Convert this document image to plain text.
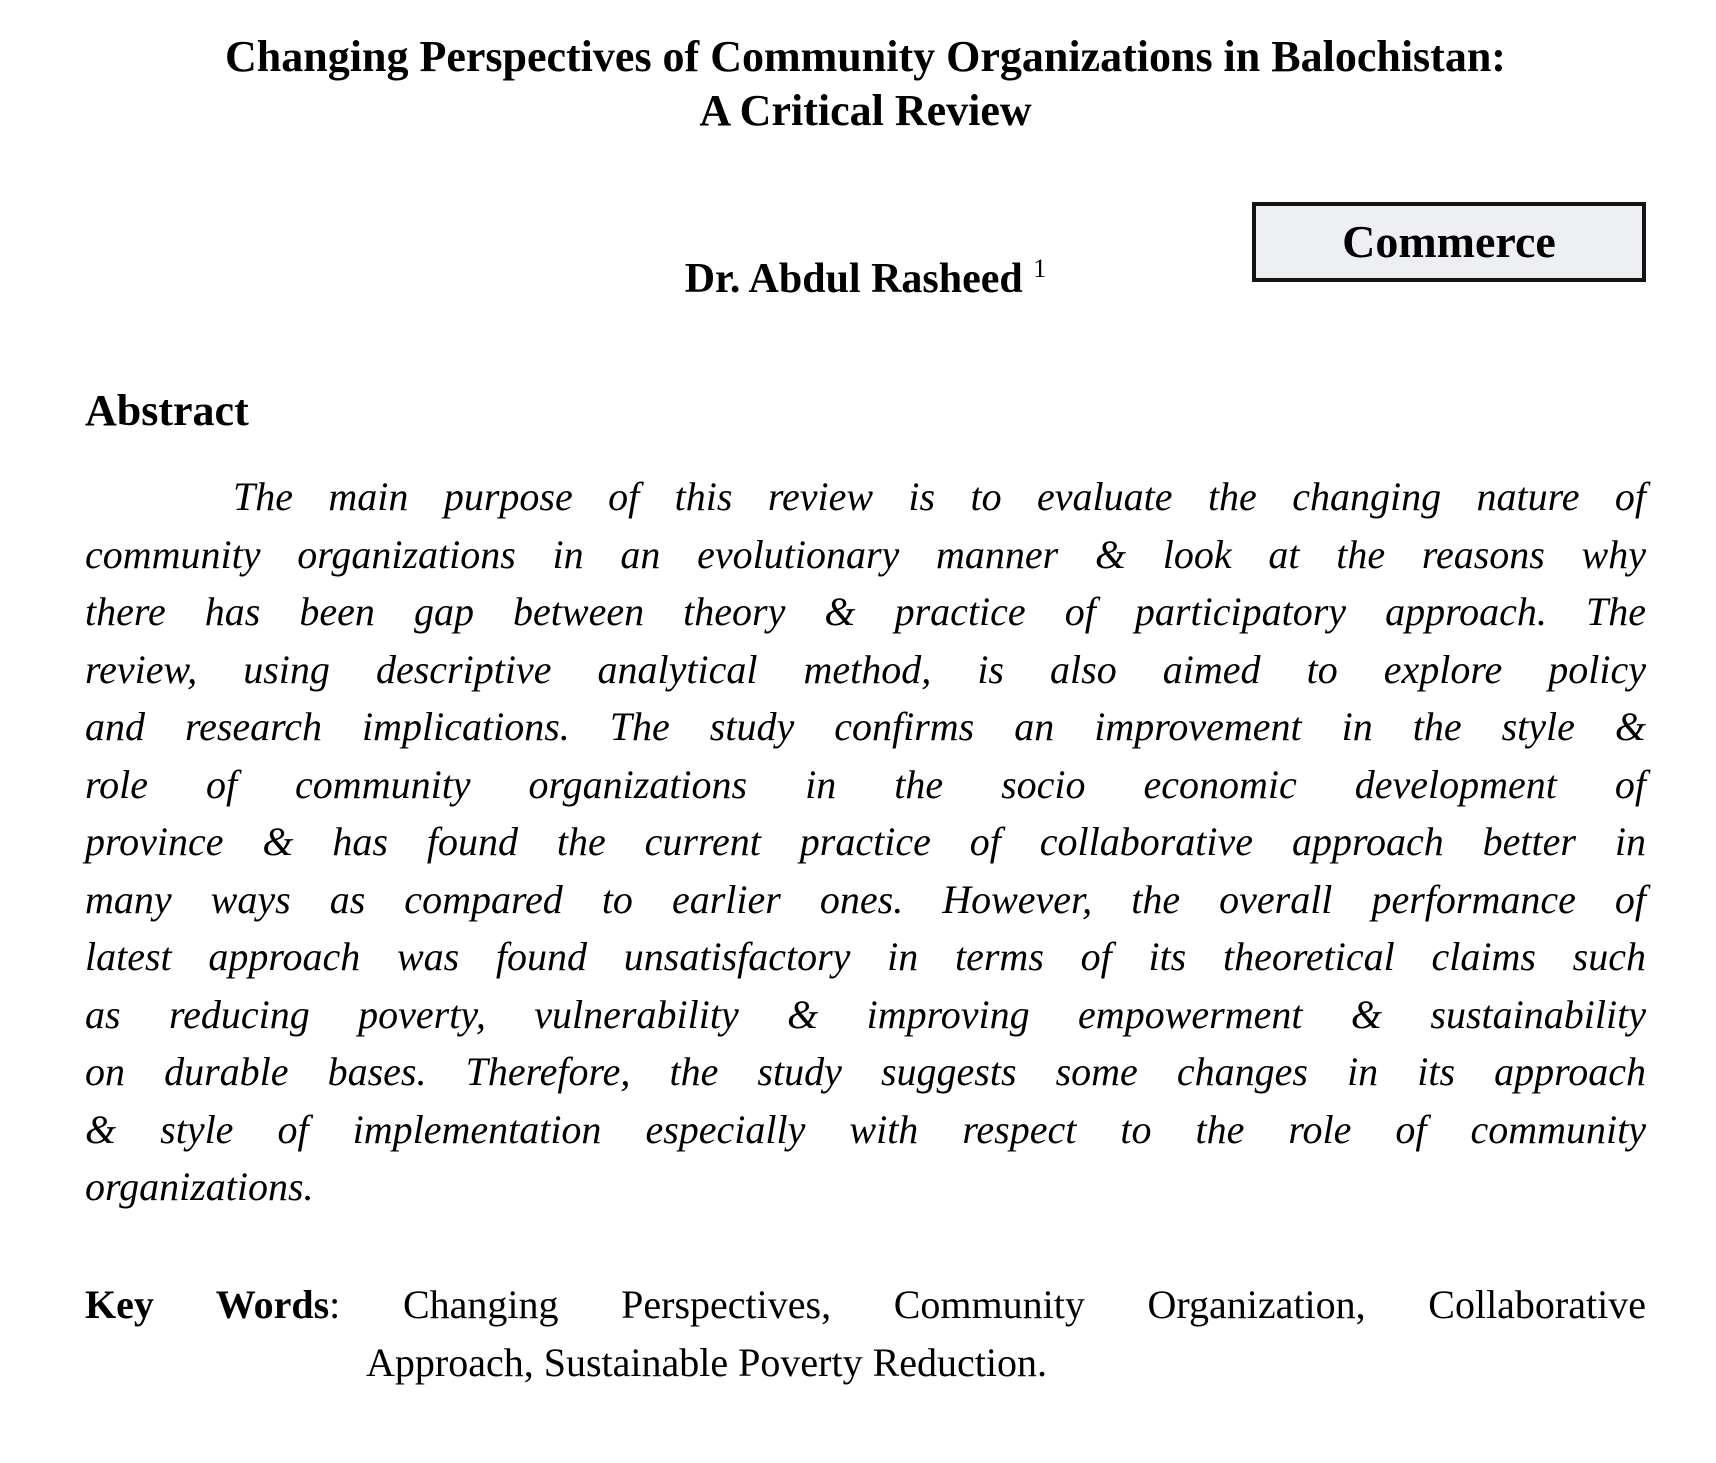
Changing Perspectives of Community Organizations in Balochistan:
A Critical Review
Commerce
Dr. Abdul Rasheed $^1$
Abstract
The main purpose of this review is to evaluate the changing nature of
community organizations in an evolutionary manner & look at the reasons why
there has been gap between theory & practice of participatory approach. The
review, using descriptive analytical method, is also aimed to explore policy
and research implications. The study confirms an improvement in the style &
role of community organizations in the socio economic development of
province & has found the current practice of collaborative approach better in
many ways as compared to earlier ones. However, the overall performance of
latest approach was found unsatisfactory in terms of its theoretical claims such
as reducing poverty, vulnerability & improving empowerment & sustainability
on durable bases. Therefore, the study suggests some changes in its approach
& style of implementation especially with respect to the role of community
organizations.
Key Words: Changing Perspectives, Community Organization, Collaborative
Approach, Sustainable Poverty Reduction.
